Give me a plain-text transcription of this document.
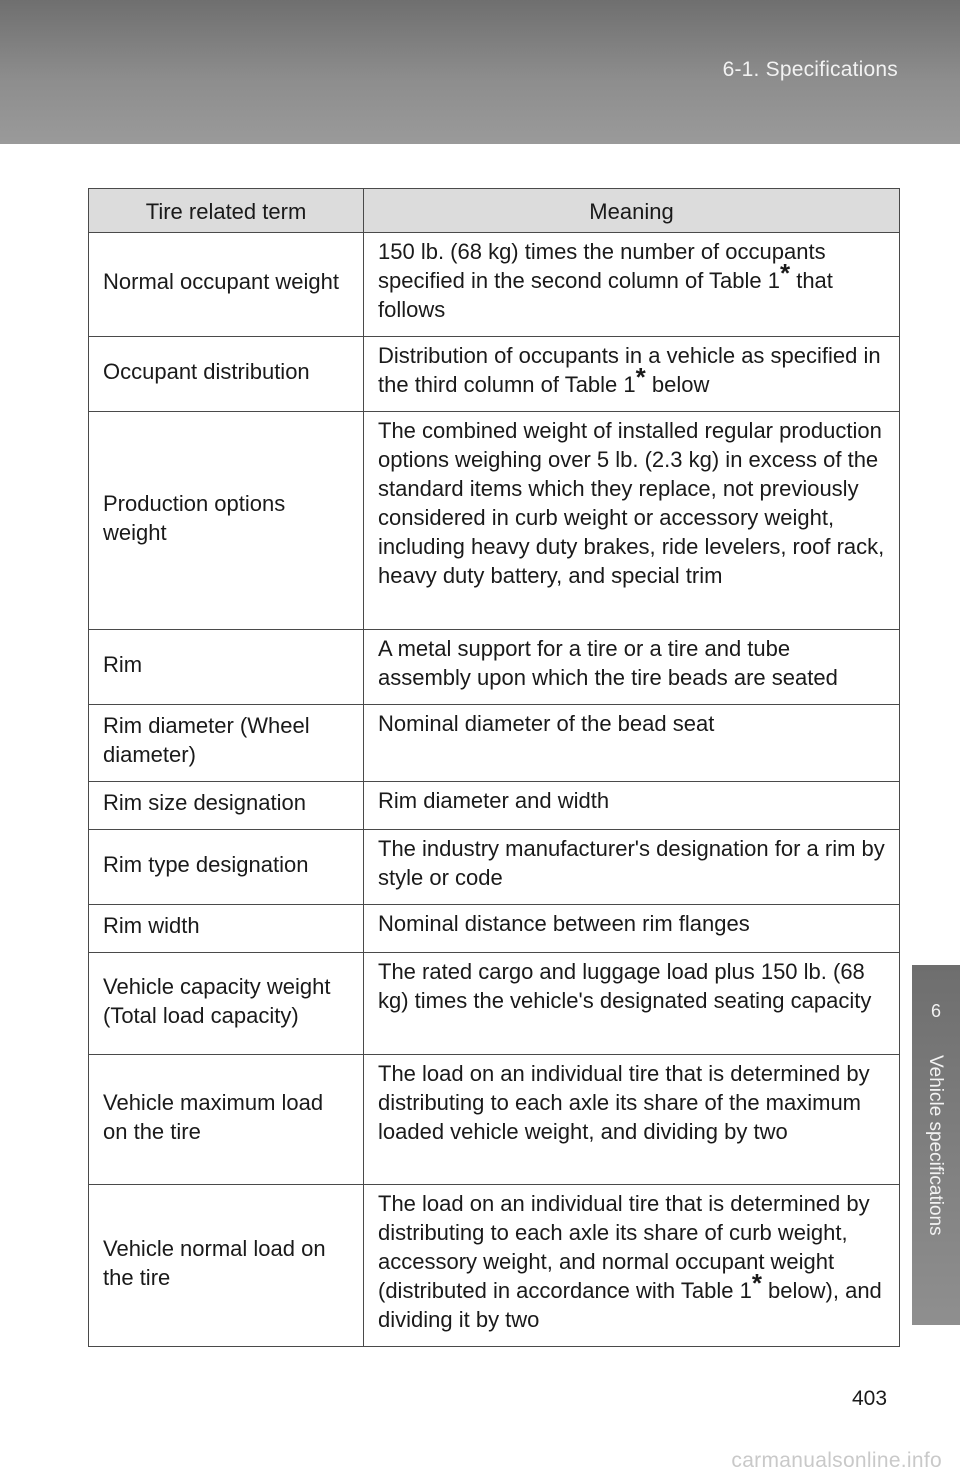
6-1. Specifications
6
Vehicle specifications
Tire related term	Meaning
Normal occupant weight	150 lb. (68 kg) times the number of occupants specified in the second column of Table 1* that follows
Occupant distribution	Distribution of occupants in a vehicle as specified in the third column of Table 1* below
Production options weight	The combined weight of installed regular production options weighing over 5 lb. (2.3 kg) in excess of the standard items which they replace, not previously considered in curb weight or accessory weight, including heavy duty brakes, ride levelers, roof rack, heavy duty battery, and special trim
Rim	A metal support for a tire or a tire and tube assembly upon which the tire beads are seated
Rim diameter (Wheel diameter)	Nominal diameter of the bead seat
Rim size designation	Rim diameter and width
Rim type designation	The industry manufacturer's designation for a rim by style or code
Rim width	Nominal distance between rim flanges
Vehicle capacity weight (Total load capacity)	The rated cargo and luggage load plus 150 lb. (68 kg) times the vehicle's designated seating capacity
Vehicle maximum load on the tire	The load on an individual tire that is determined by distributing to each axle its share of the maximum loaded vehicle weight, and dividing by two
Vehicle normal load on the tire	The load on an individual tire that is determined by distributing to each axle its share of curb weight, accessory weight, and normal occupant weight (distributed in accordance with Table 1* below), and dividing it by two
403
carmanualsonline.info
